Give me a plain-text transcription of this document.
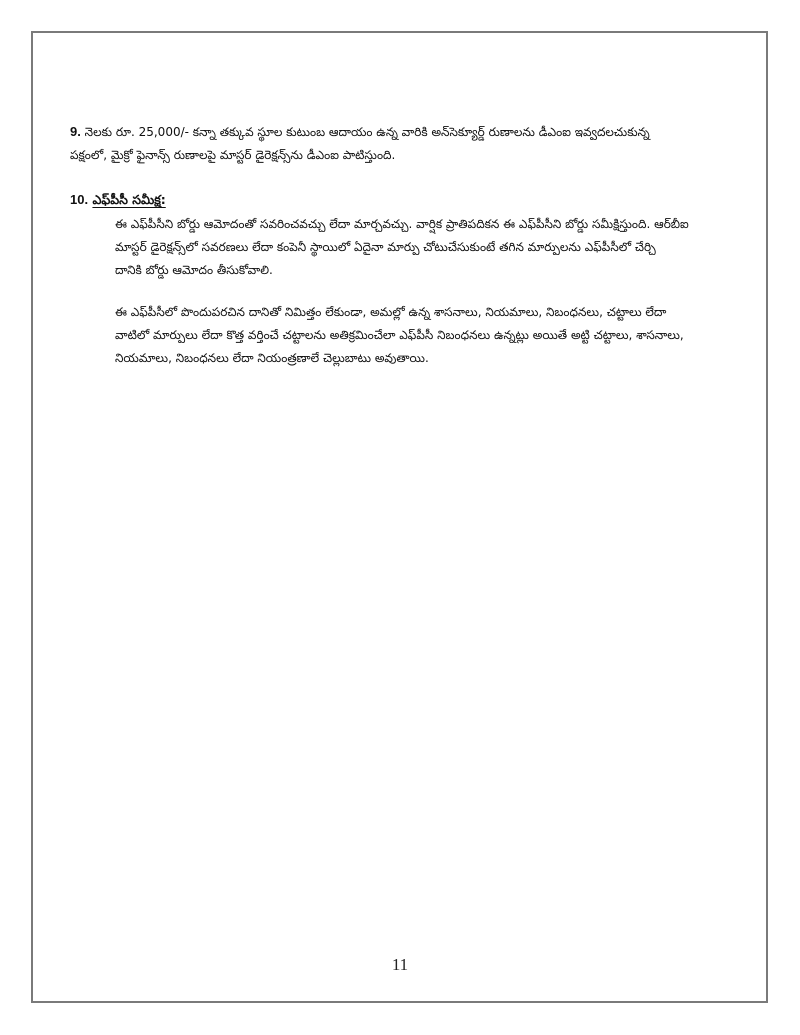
9. నెలకు రూ. 25,000/- కన్నా తక్కువ స్థూల కుటుంబ ఆదాయం ఉన్న వారికి అన్‌సెక్యూర్డ్ రుణాలను డీఎంఐ ఇవ్వదలచుకున్న
పక్షంలో, మైక్రో ఫైనాన్స్ రుణాలపై మాస్టర్ డైరెక్షన్స్‌ను డీఎంఐ పాటిస్తుంది.
10. ఎఫ్‌పీసీ సమీక్ష:
ఈ ఎఫ్‌పీసీని బోర్డు ఆమోదంతో సవరించవచ్చు లేదా మార్చవచ్చు. వార్షిక ప్రాతిపదికన ఈ ఎఫ్‌పీసీని బోర్డు సమీక్షిస్తుంది. ఆర్‌బీఐ
మాస్టర్ డైరెక్షన్స్‌లో సవరణలు లేదా కంపెనీ స్థాయిలో ఏదైనా మార్పు చోటుచేసుకుంటే తగిన మార్పులను ఎఫ్‌పీసీలో చేర్చి
దానికి బోర్డు ఆమోదం తీసుకోవాలి.
ఈ ఎఫ్‌పీసీలో పొందుపరచిన దానితో నిమిత్తం లేకుండా, అమల్లో ఉన్న శాసనాలు, నియమాలు, నిబంధనలు, చట్టాలు లేదా
వాటిలో మార్పులు లేదా కొత్త వర్తించే చట్టాలను అతిక్రమించేలా ఎఫ్‌పీసీ నిబంధనలు ఉన్నట్లు అయితే అట్టి చట్టాలు, శాసనాలు,
నియమాలు, నిబంధనలు లేదా నియంత్రణాలే చెల్లుబాటు అవుతాయి.
11
